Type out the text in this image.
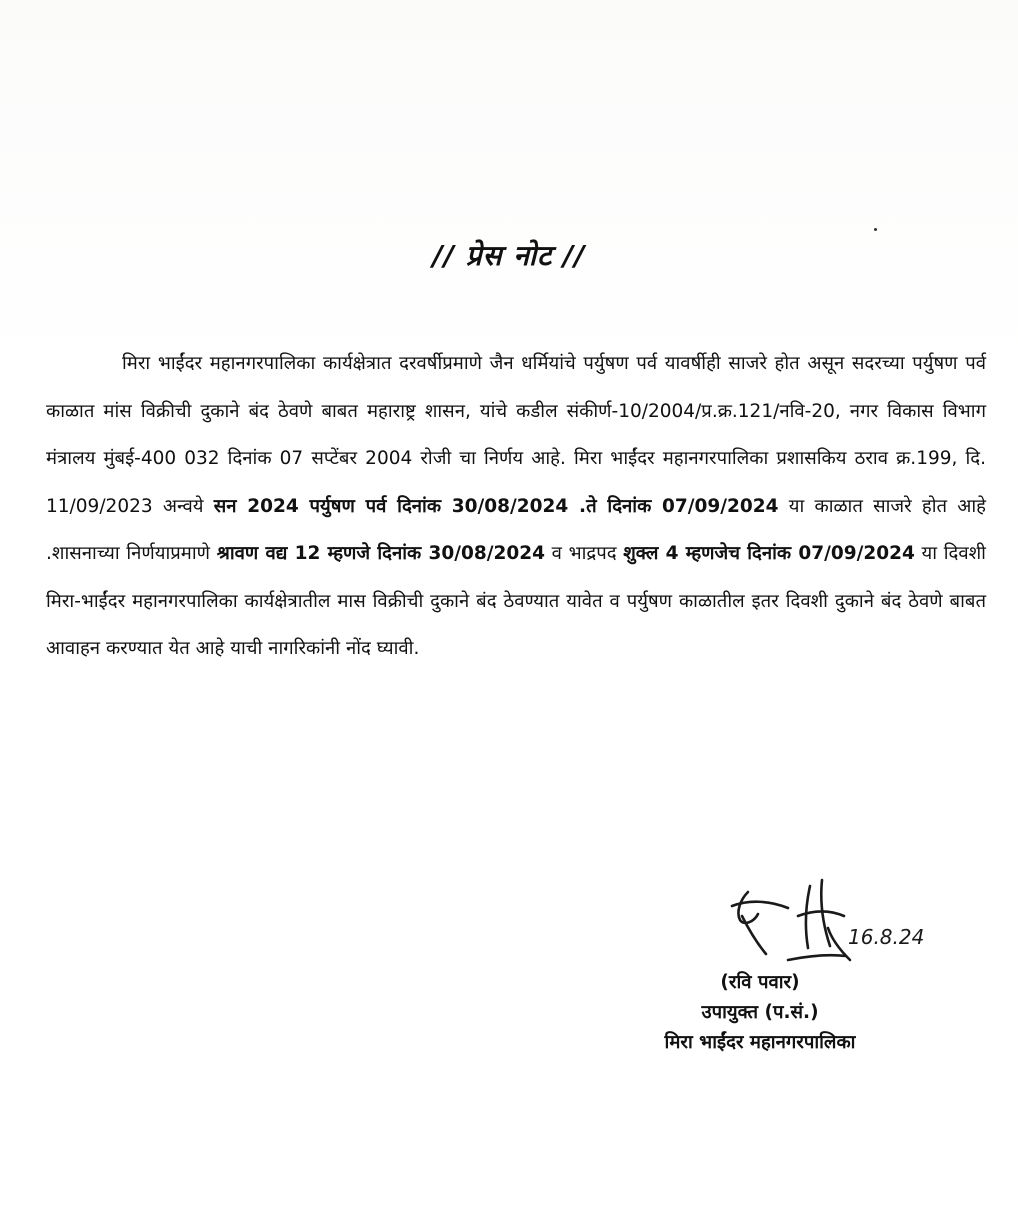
// प्रेस नोट //

मिरा भाईंदर महानगरपालिका कार्यक्षेत्रात दरवर्षीप्रमाणे जैन धर्मियांचे पर्युषण पर्व यावर्षीही साजरे होत असून सदरच्या पर्युषण पर्व काळात मांस विक्रीची दुकाने बंद ठेवणे बाबत महाराष्ट्र शासन, यांचे कडील संकीर्ण-10/2004/प्र.क्र.121/नवि-20, नगर विकास विभाग मंत्रालय मुंबई-400 032 दिनांक 07 सप्टेंबर 2004 रोजी चा निर्णय आहे. मिरा भाईंदर महानगरपालिका प्रशासकिय ठराव क्र.199, दि. 11/09/2023 अन्वये सन 2024 पर्युषण पर्व दिनांक 30/08/2024 .ते दिनांक 07/09/2024 या काळात साजरे होत आहे .शासनाच्या निर्णयाप्रमाणे श्रावण वद्य 12 म्हणजे दिनांक 30/08/2024 व भाद्रपद शुक्ल 4 म्हणजेच दिनांक 07/09/2024 या दिवशी मिरा-भाईंदर महानगरपालिका कार्यक्षेत्रातील मास विक्रीची दुकाने बंद ठेवण्यात यावेत व पर्युषण काळातील इतर दिवशी दुकाने बंद ठेवणे बाबत आवाहन करण्यात येत आहे याची नागरिकांनी नोंद घ्यावी.

16.8.24
(रवि पवार)
उपायुक्त (प.सं.)
मिरा भाईंदर महानगरपालिका
